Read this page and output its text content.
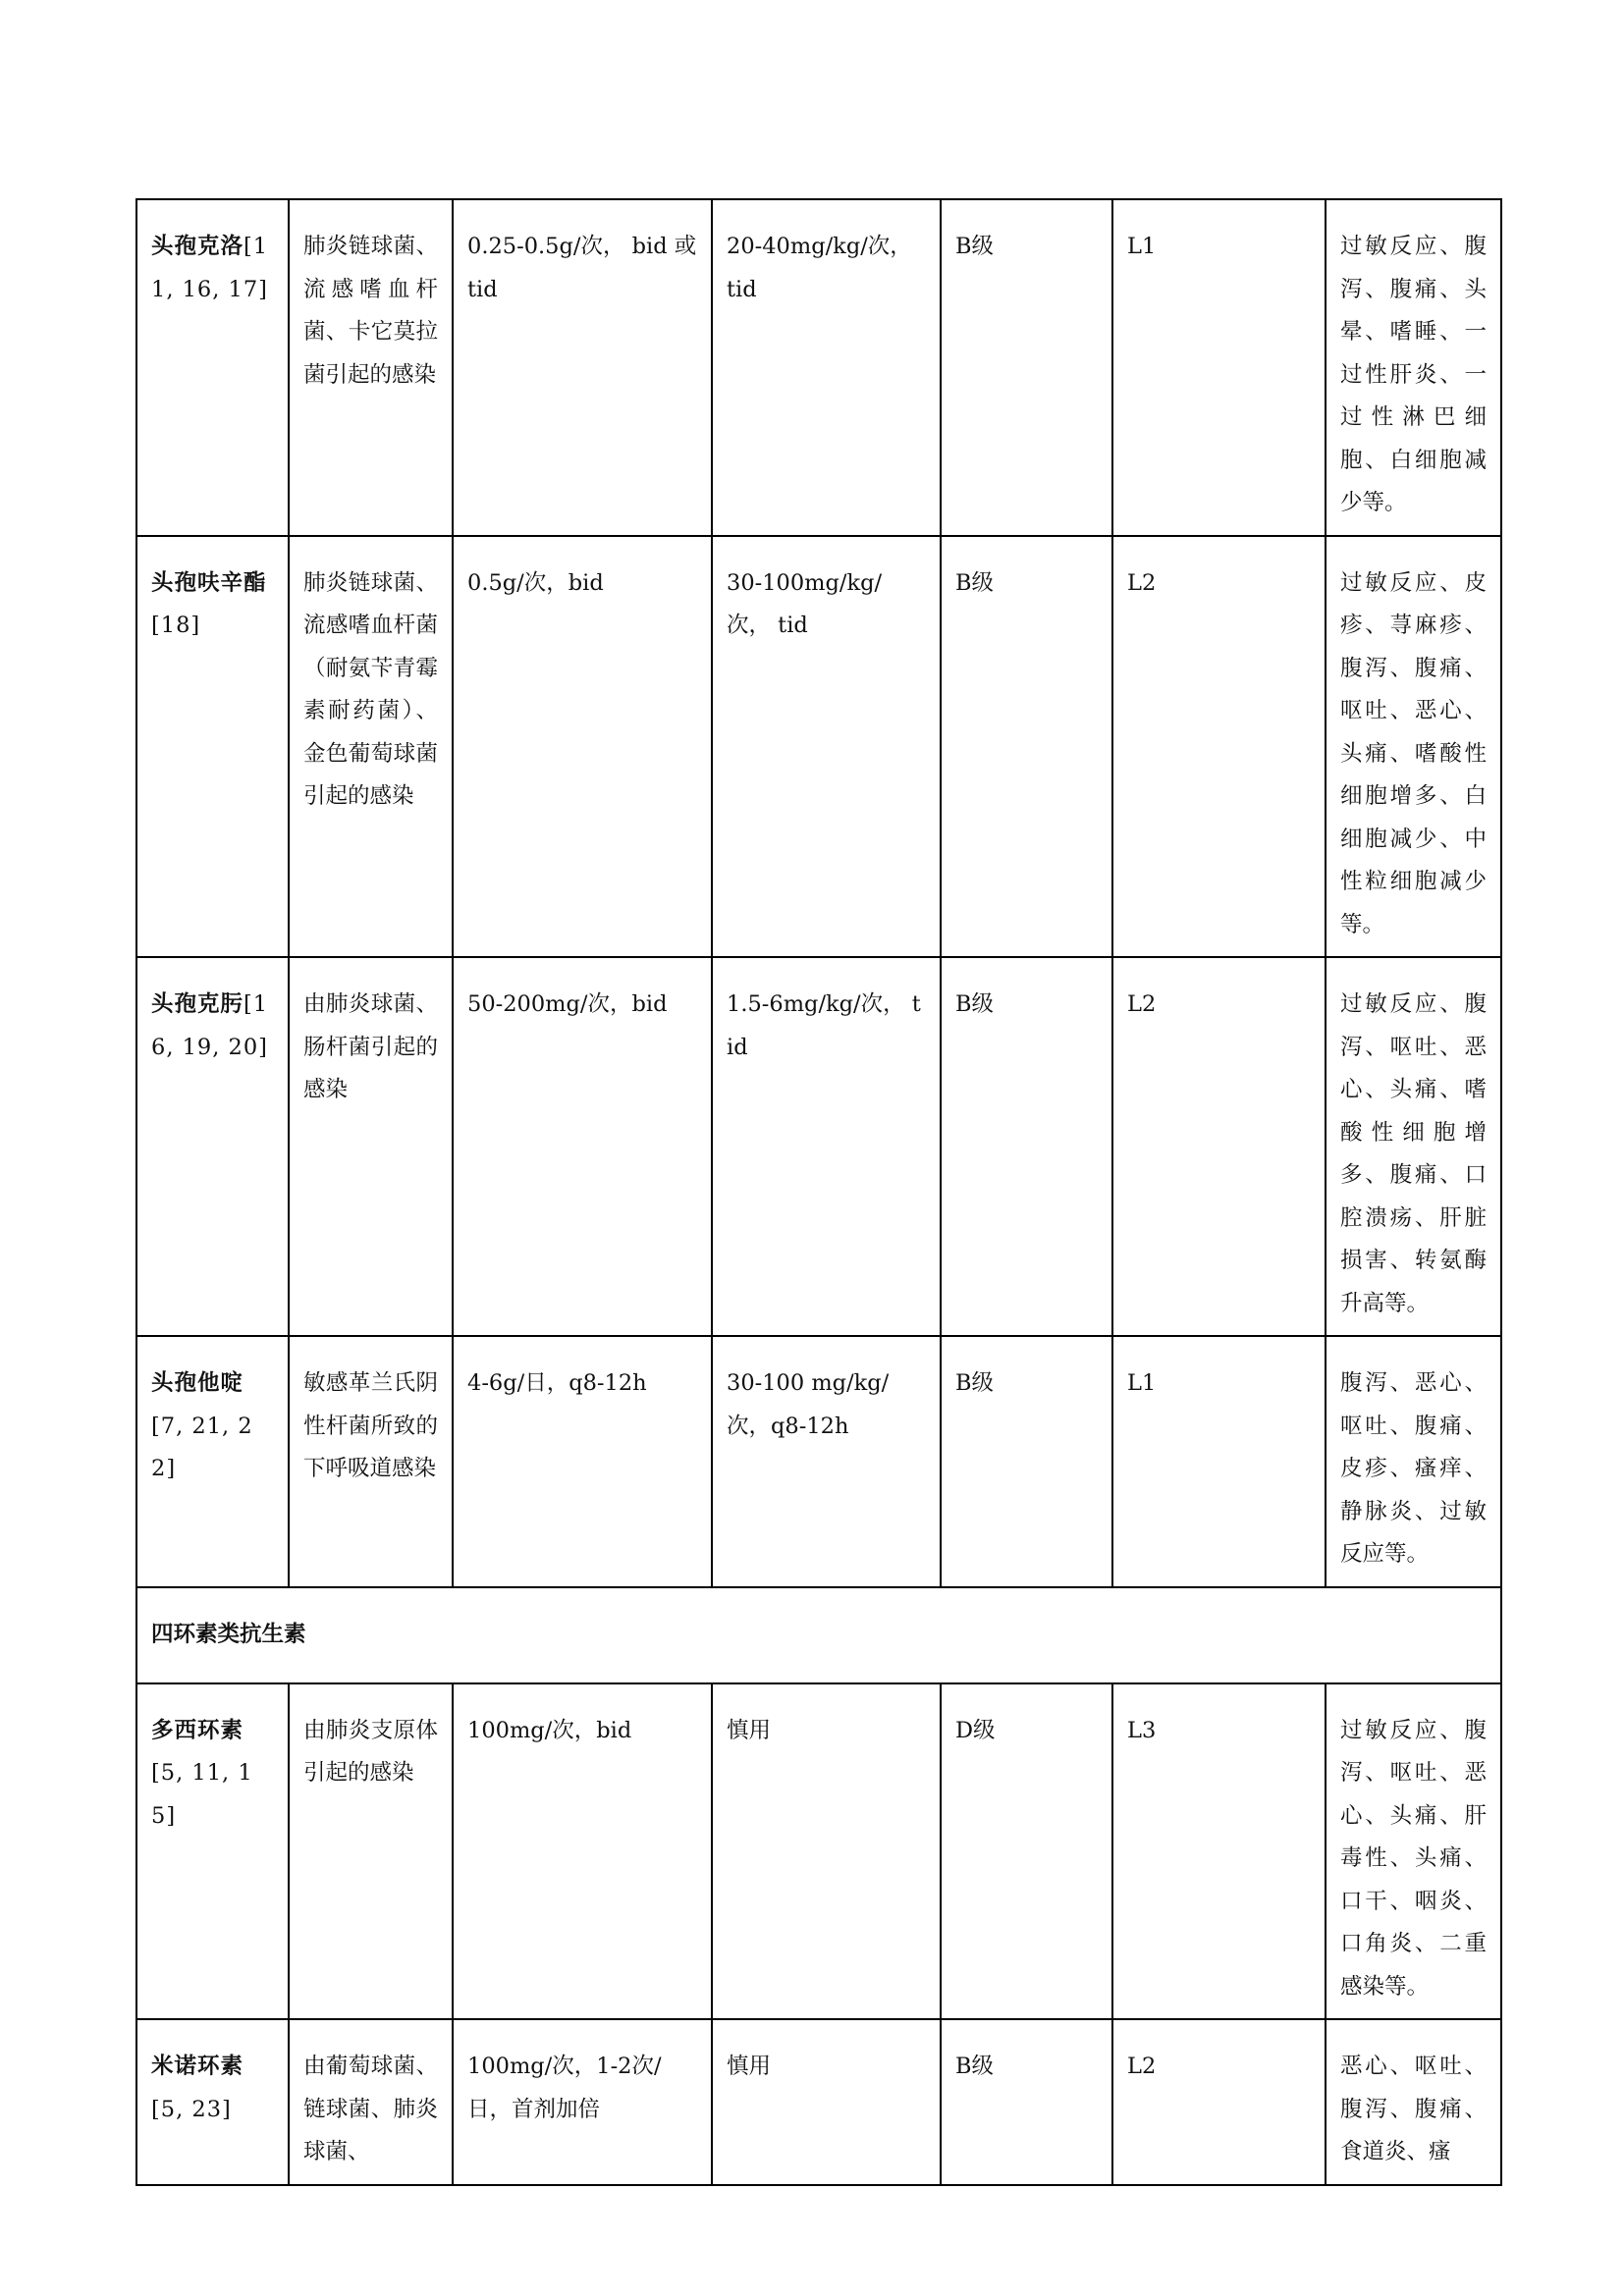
头孢克洛[11, 16, 17]	肺炎链球菌、流感嗜血杆菌、卡它莫拉菌引起的感染	0.25-0.5g/次， bid 或tid	20-40mg/kg/次， tid	B级	L1	过敏反应、腹泻、腹痛、头晕、嗜睡、一过性肝炎、一过性淋巴细胞、白细胞减少等。
头孢呋辛酯[18]	肺炎链球菌、流感嗜血杆菌（耐氨苄青霉素耐药菌）、金色葡萄球菌引起的感染	0.5g/次，bid	30-100mg/kg/次， tid	B级	L2	过敏反应、皮疹、荨麻疹、腹泻、腹痛、呕吐、恶心、头痛、嗜酸性细胞增多、白细胞减少、中性粒细胞减少等。
头孢克肟[16, 19, 20]	由肺炎球菌、肠杆菌引起的感染	50-200mg/次，bid	1.5-6mg/kg/次， tid	B级	L2	过敏反应、腹泻、呕吐、恶心、头痛、嗜酸性细胞增多、腹痛、口腔溃疡、肝脏损害、转氨酶升高等。
头孢他啶[7, 21, 22]	敏感革兰氏阴性杆菌所致的下呼吸道感染	4-6g/日，q8-12h	30-100 mg/kg/次，q8-12h	B级	L1	腹泻、恶心、呕吐、腹痛、皮疹、瘙痒、静脉炎、过敏反应等。
四环素类抗生素						
多西环素[5, 11, 15]	由肺炎支原体引起的感染	100mg/次，bid	慎用	D级	L3	过敏反应、腹泻、呕吐、恶心、头痛、肝毒性、头痛、口干、咽炎、口角炎、二重感染等。
米诺环素[5, 23]	由葡萄球菌、链球菌、肺炎球菌、	100mg/次，1-2次/日，首剂加倍	慎用	B级	L2	恶心、呕吐、腹泻、腹痛、食道炎、瘙
